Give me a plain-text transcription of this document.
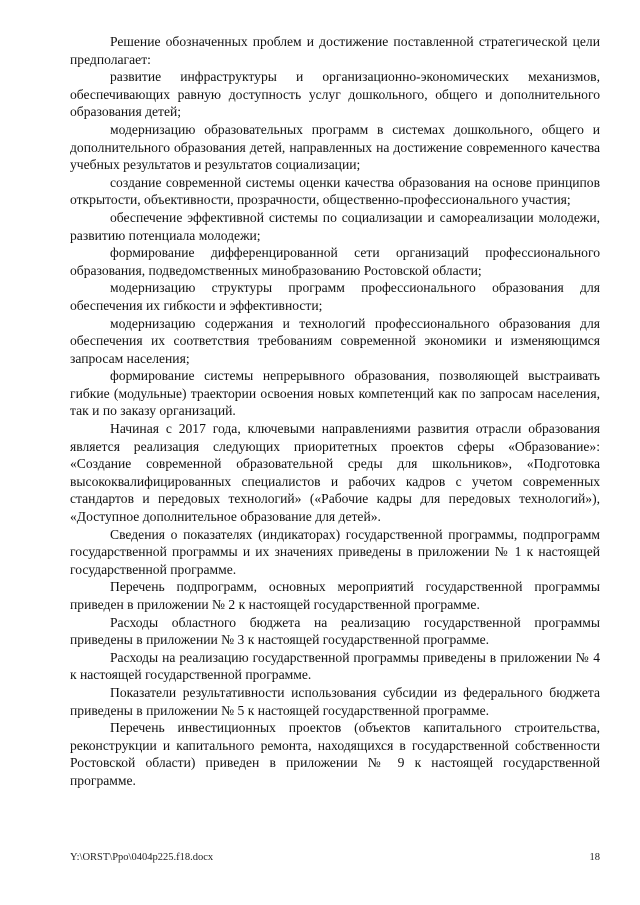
Решение обозначенных проблем и достижение поставленной стратегической цели предполагает:

развитие инфраструктуры и организационно-экономических механизмов, обеспечивающих равную доступность услуг дошкольного, общего и дополнительного образования детей;

модернизацию образовательных программ в системах дошкольного, общего и дополнительного образования детей, направленных на достижение современного качества учебных результатов и результатов социализации;

создание современной системы оценки качества образования на основе принципов открытости, объективности, прозрачности, общественно-профессионального участия;

обеспечение эффективной системы по социализации и самореализации молодежи, развитию потенциала молодежи;

формирование дифференцированной сети организаций профессионального образования, подведомственных минобразованию Ростовской области;

модернизацию структуры программ профессионального образования для обеспечения их гибкости и эффективности;

модернизацию содержания и технологий профессионального образования для обеспечения их соответствия требованиям современной экономики и изменяющимся запросам населения;

формирование системы непрерывного образования, позволяющей выстраивать гибкие (модульные) траектории освоения новых компетенций как по запросам населения, так и по заказу организаций.

Начиная с 2017 года, ключевыми направлениями развития отрасли образования является реализация следующих приоритетных проектов сферы «Образование»: «Создание современной образовательной среды для школьников», «Подготовка высококвалифицированных специалистов и рабочих кадров с учетом современных стандартов и передовых технологий» («Рабочие кадры для передовых технологий»), «Доступное дополнительное образование для детей».

Сведения о показателях (индикаторах) государственной программы, подпрограмм государственной программы и их значениях приведены в приложении № 1 к настоящей государственной программе.

Перечень подпрограмм, основных мероприятий государственной программы приведен в приложении № 2 к настоящей государственной программе.

Расходы областного бюджета на реализацию государственной программы приведены в приложении № 3 к настоящей государственной программе.

Расходы на реализацию государственной программы приведены в приложении № 4 к настоящей государственной программе.

Показатели результативности использования субсидии из федерального бюджета приведены в приложении № 5 к настоящей государственной программе.

Перечень инвестиционных проектов (объектов капитального строительства, реконструкции и капитального ремонта, находящихся в государственной собственности Ростовской области) приведен в приложении № 9 к настоящей государственной программе.

Y:\ORST\Ppo\0404p225.f18.docx	18
